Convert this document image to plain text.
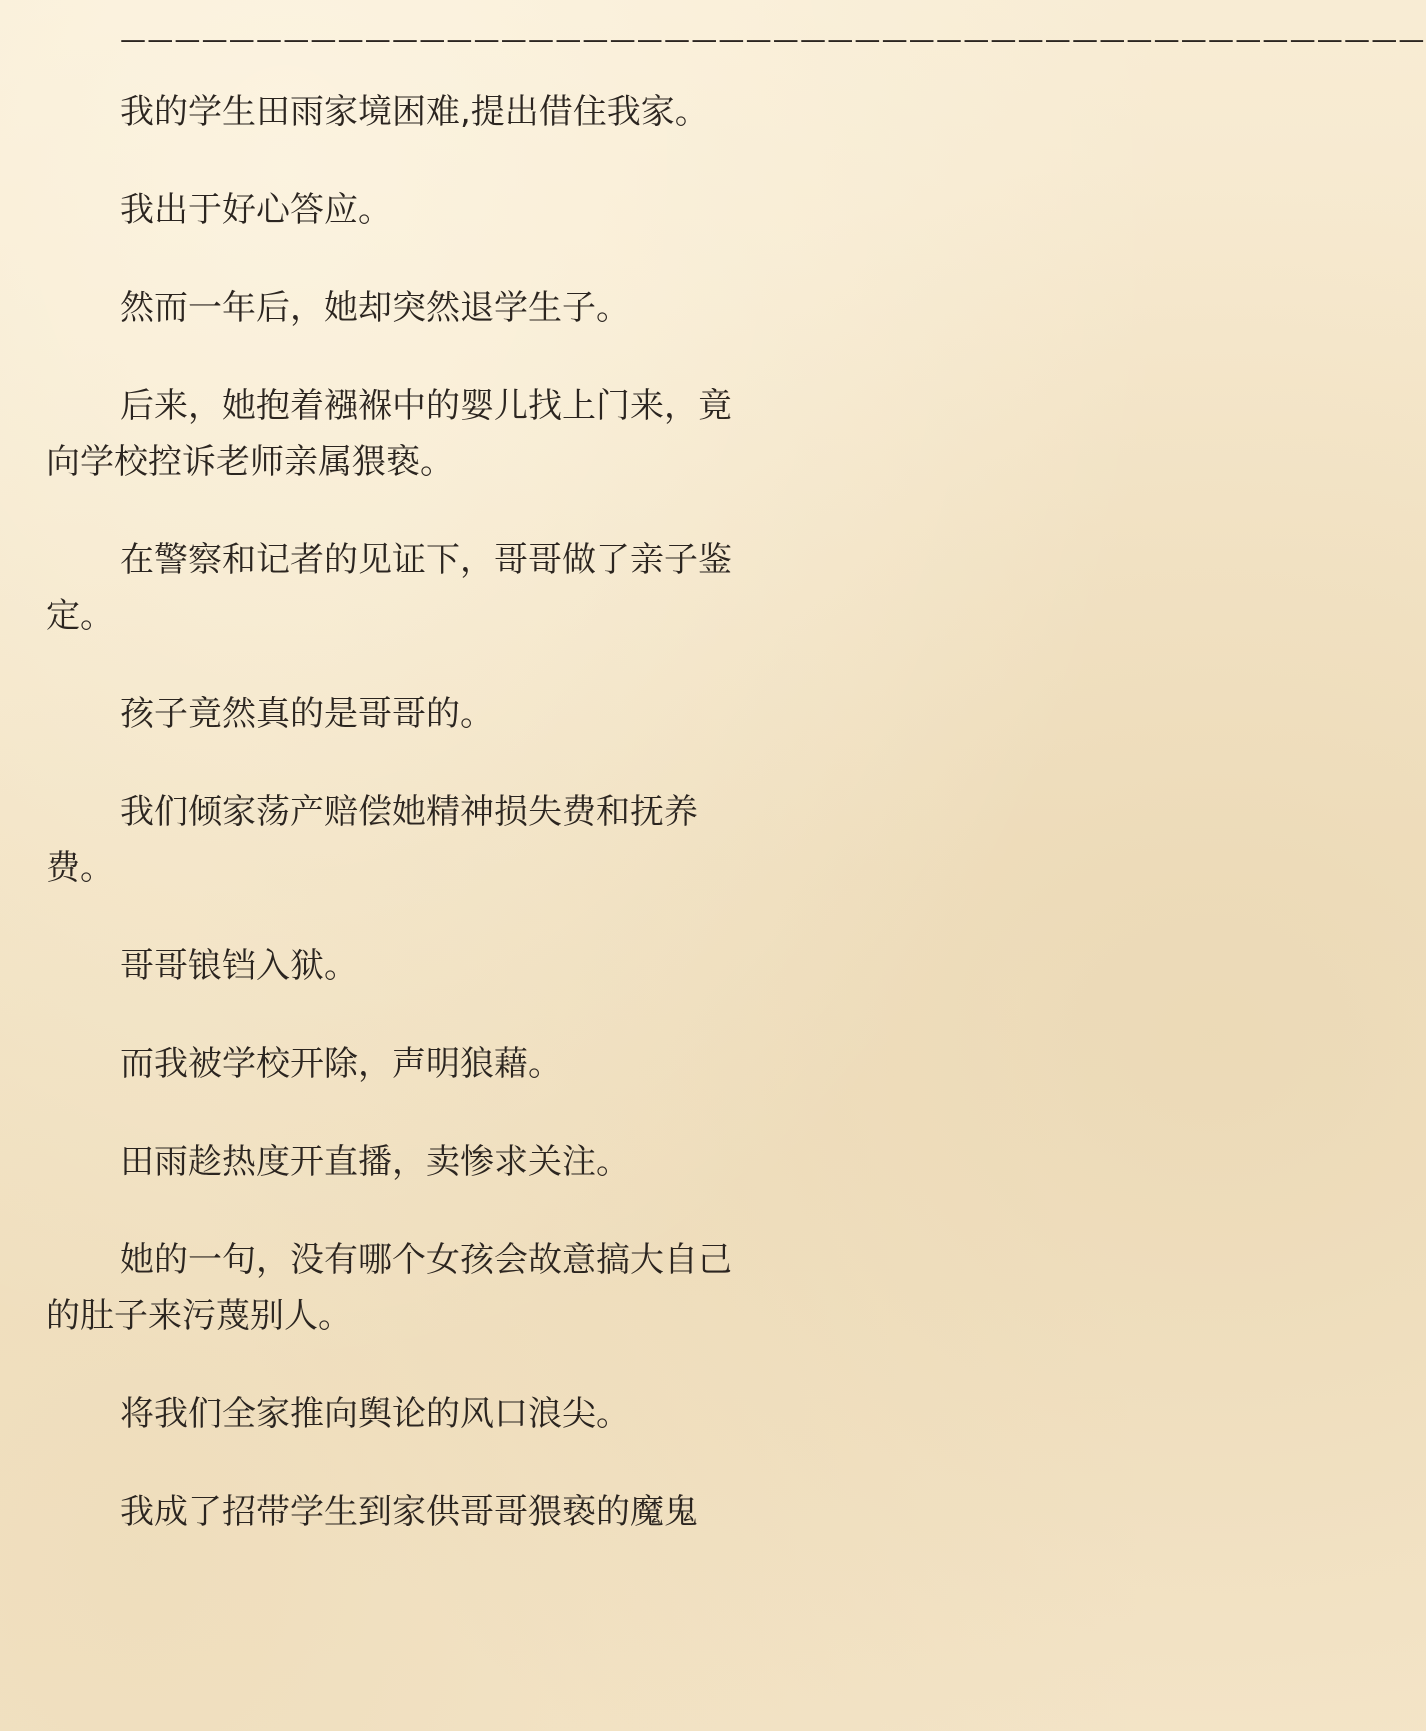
————————————————————————————————————————————————

我的学生田雨家境困难,提出借住我家。

我出于好心答应。

然而一年后，她却突然退学生子。

后来，她抱着襁褓中的婴儿找上门来，竟向学校控诉老师亲属猥亵。

在警察和记者的见证下，哥哥做了亲子鉴定。

孩子竟然真的是哥哥的。

我们倾家荡产赔偿她精神损失费和抚养费。

哥哥锒铛入狱。

而我被学校开除，声明狼藉。

田雨趁热度开直播，卖惨求关注。

她的一句，没有哪个女孩会故意搞大自己的肚子来污蔑别人。

将我们全家推向舆论的风口浪尖。

我成了招带学生到家供哥哥猥亵的魔鬼
